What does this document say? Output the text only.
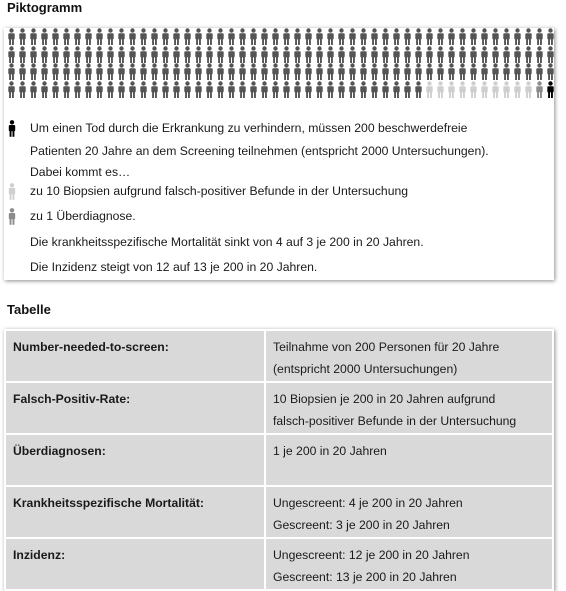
Piktogramm
Um einen Tod durch die Erkrankung zu verhindern, müssen 200 beschwerdefreie
Patienten 20 Jahre an dem Screening teilnehmen (entspricht 2000 Untersuchungen).
Dabei kommt es…
zu 10 Biopsien aufgrund falsch-positiver Befunde in der Untersuchung
zu 1 Überdiagnose.
Die krankheitsspezifische Mortalität sinkt von 4 auf 3 je 200 in 20 Jahren.
Die Inzidenz steigt von 12 auf 13 je 200 in 20 Jahren.
Tabelle
Number-needed-to-screen:	Teilnahme von 200 Personen für 20 Jahre
(entspricht 2000 Untersuchungen)

Falsch-Positiv-Rate:	10 Biopsien je 200 in 20 Jahren aufgrund
falsch-positiver Befunde in der Untersuchung

Überdiagnosen:	1 je 200 in 20 Jahren

Krankheitsspezifische Mortalität:	Ungescreent: 4 je 200 in 20 Jahren
Gescreent: 3 je 200 in 20 Jahren

Inzidenz:	Ungescreent: 12 je 200 in 20 Jahren
Gescreent: 13 je 200 in 20 Jahren
